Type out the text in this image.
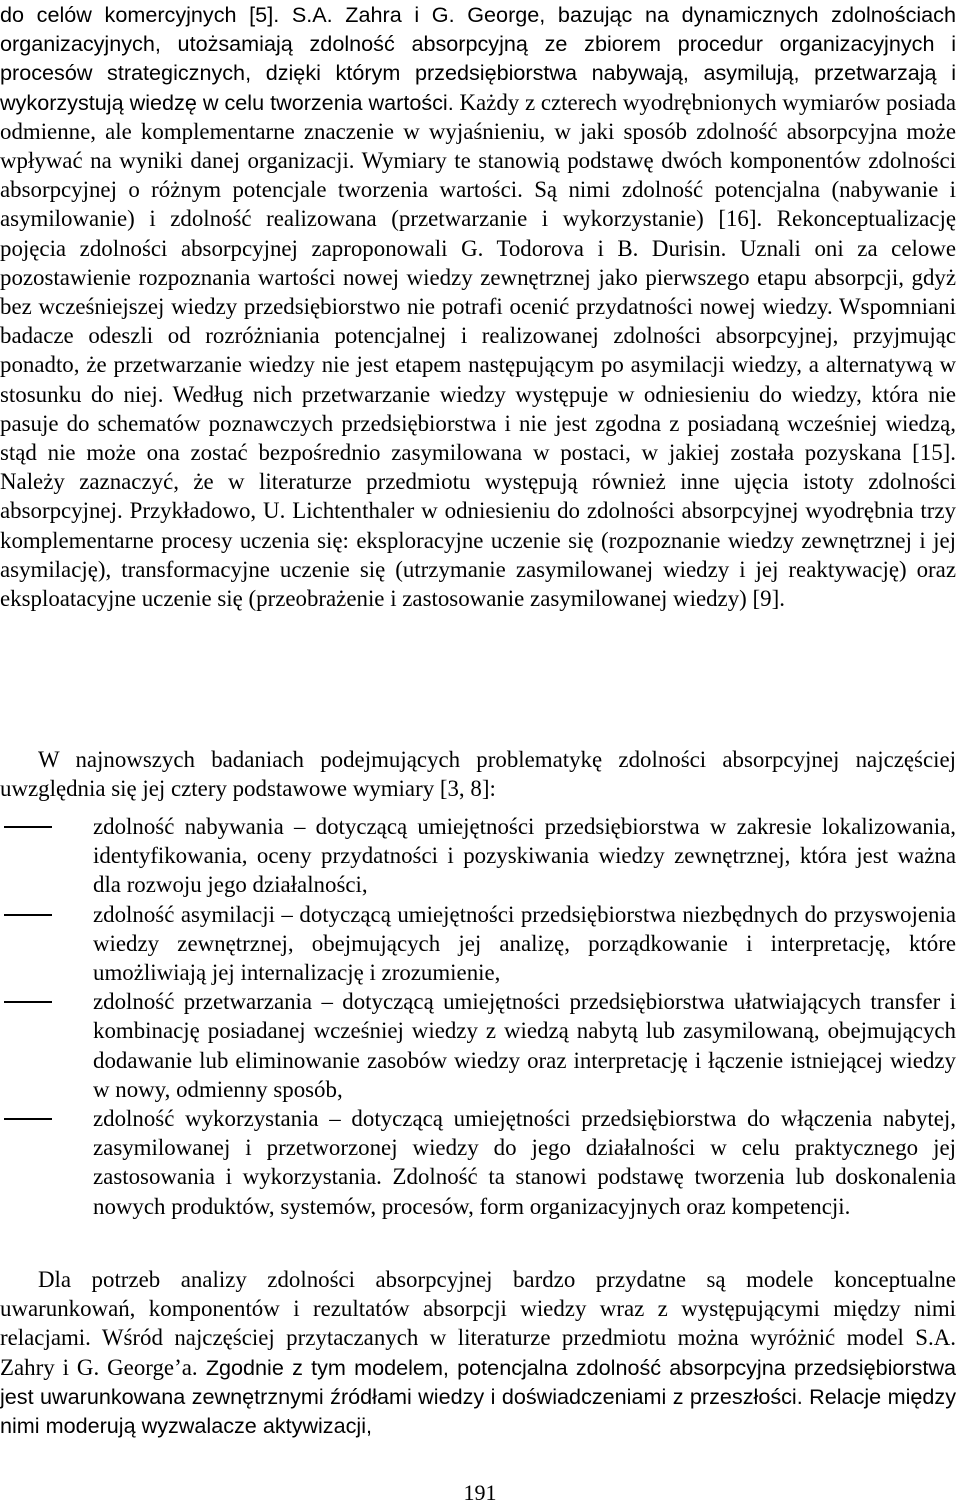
do celów komercyjnych [5]. S.A. Zahra i G. George, bazując na dynamicznych zdolnościach organizacyjnych, utożsamiają zdolność absorpcyjną ze zbiorem procedur organizacyjnych i procesów strategicznych, dzięki którym przedsiębiorstwa nabywają, asymilują, przetwarzają i wykorzystują wiedzę w celu tworzenia wartości. Każdy z czterech wyodrębnionych wymiarów posiada odmienne, ale komplementarne znaczenie w wyjaśnieniu, w jaki sposób zdolność absorpcyjna może wpływać na wyniki danej organizacji. Wymiary te stanowią podstawę dwóch komponentów zdolności absorpcyjnej o różnym potencjale tworzenia wartości. Są nimi zdolność potencjalna (nabywanie i asymilowanie) i zdolność realizowana (przetwarzanie i wykorzystanie) [16]. Rekonceptualizację pojęcia zdolności absorpcyjnej zaproponowali G. Todorova i B. Durisin. Uznali oni za celowe pozostawienie rozpoznania wartości nowej wiedzy zewnętrznej jako pierwszego etapu absorpcji, gdyż bez wcześniejszej wiedzy przedsiębiorstwo nie potrafi ocenić przydatności nowej wiedzy. Wspomniani badacze odeszli od rozróżniania potencjalnej i realizowanej zdolności absorpcyjnej, przyjmując ponadto, że przetwarzanie wiedzy nie jest etapem następującym po asymilacji wiedzy, a alternatywą w stosunku do niej. Według nich przetwarzanie wiedzy występuje w odniesieniu do wiedzy, która nie pasuje do schematów poznawczych przedsiębiorstwa i nie jest zgodna z posiadaną wcześniej wiedzą, stąd nie może ona zostać bezpośrednio zasymilowana w postaci, w jakiej została pozyskana [15]. Należy zaznaczyć, że w literaturze przedmiotu występują również inne ujęcia istoty zdolności absorpcyjnej. Przykładowo, U. Lichtenthaler w odniesieniu do zdolności absorpcyjnej wyodrębnia trzy komplementarne procesy uczenia się: eksploracyjne uczenie się (rozpoznanie wiedzy zewnętrznej i jej asymilację), transformacyjne uczenie się (utrzymanie zasymilowanej wiedzy i jej reaktywację) oraz eksploatacyjne uczenie się (przeobrażenie i zastosowanie zasymilowanej wiedzy) [9].

W najnowszych badaniach podejmujących problematykę zdolności absorpcyjnej najczęściej uwzględnia się jej cztery podstawowe wymiary [3, 8]:

zdolność nabywania – dotyczącą umiejętności przedsiębiorstwa w zakresie lokalizowania, identyfikowania, oceny przydatności i pozyskiwania wiedzy zewnętrznej, która jest ważna dla rozwoju jego działalności,
zdolność asymilacji – dotyczącą umiejętności przedsiębiorstwa niezbędnych do przyswojenia wiedzy zewnętrznej, obejmujących jej analizę, porządkowanie i interpretację, które umożliwiają jej internalizację i zrozumienie,
zdolność przetwarzania – dotyczącą umiejętności przedsiębiorstwa ułatwiających transfer i kombinację posiadanej wcześniej wiedzy z wiedzą nabytą lub zasymilowaną, obejmujących dodawanie lub eliminowanie zasobów wiedzy oraz interpretację i łączenie istniejącej wiedzy w nowy, odmienny sposób,
zdolność wykorzystania – dotyczącą umiejętności przedsiębiorstwa do włączenia nabytej, zasymilowanej i przetworzonej wiedzy do jego działalności w celu praktycznego jej zastosowania i wykorzystania. Zdolność ta stanowi podstawę tworzenia lub doskonalenia nowych produktów, systemów, procesów, form organizacyjnych oraz kompetencji.

Dla potrzeb analizy zdolności absorpcyjnej bardzo przydatne są modele konceptualne uwarunkowań, komponentów i rezultatów absorpcji wiedzy wraz z występującymi między nimi relacjami. Wśród najczęściej przytaczanych w literaturze przedmiotu można wyróżnić model S.A. Zahry i G. George’a. Zgodnie z tym modelem, potencjalna zdolność absorpcyjna przedsiębiorstwa jest uwarunkowana zewnętrznymi źródłami wiedzy i doświadczeniami z przeszłości. Relacje między nimi moderują wyzwalacze aktywizacji,

191
